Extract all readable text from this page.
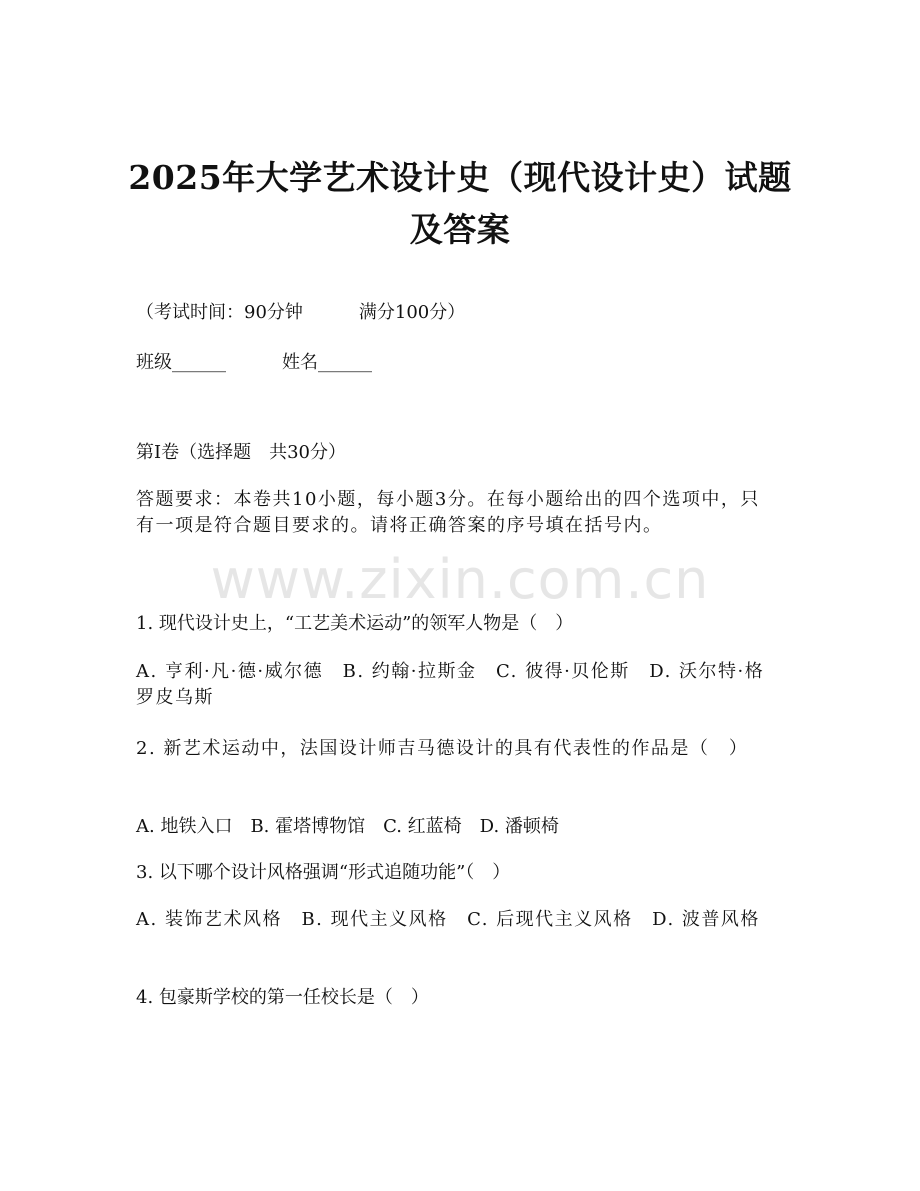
2025年大学艺术设计史（现代设计史）试题
及答案
（考试时间：90分钟	满分100分）
班级______	姓名______
第I卷（选择题　共30分）
答题要求：本卷共10小题，每小题3分。在每小题给出的四个选项中，只有一项是符合题目要求的。请将正确答案的序号填在括号内。
www.zixin.com.cn
1. 现代设计史上，“工艺美术运动”的领军人物是（　）
A. 亨利·凡·德·威尔德　B. 约翰·拉斯金　C. 彼得·贝伦斯　D. 沃尔特·格罗皮乌斯
2. 新艺术运动中，法国设计师吉马德设计的具有代表性的作品是（　）
A. 地铁入口　B. 霍塔博物馆　C. 红蓝椅　D. 潘顿椅
3. 以下哪个设计风格强调“形式追随功能”（　）
A. 装饰艺术风格　B. 现代主义风格　C. 后现代主义风格　D. 波普风格
4. 包豪斯学校的第一任校长是（　）
